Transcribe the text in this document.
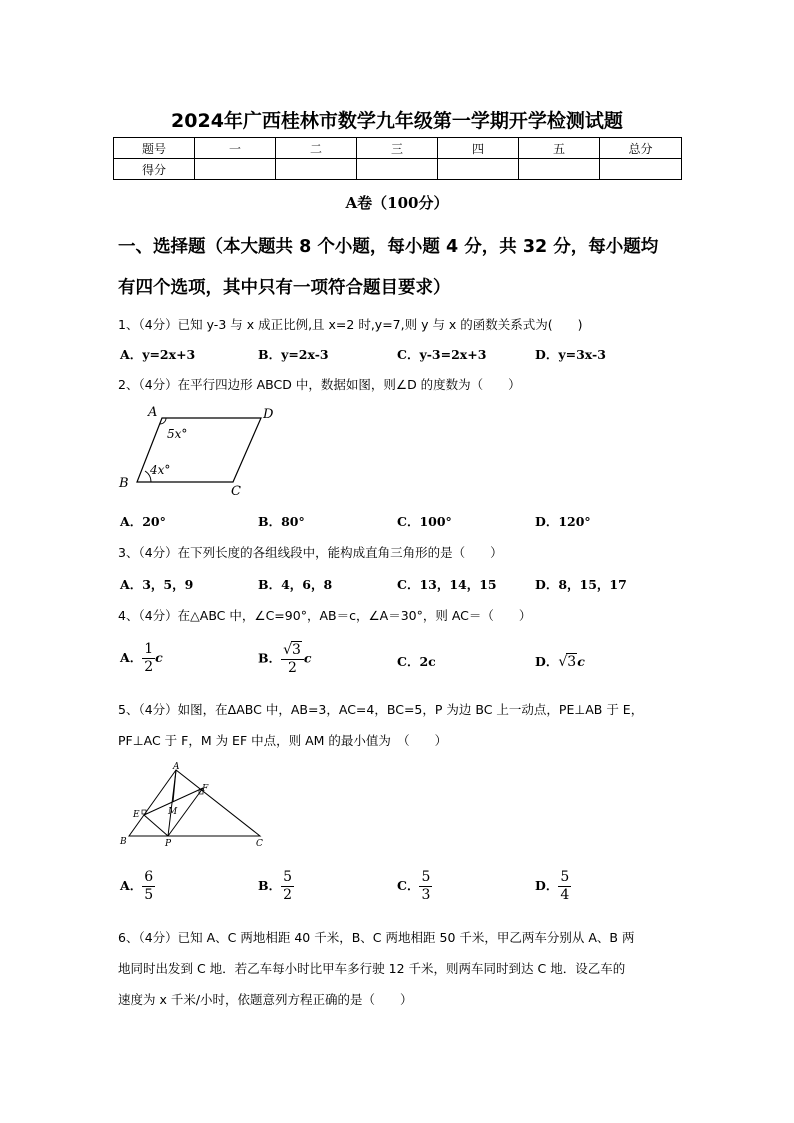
2024年广西桂林市数学九年级第一学期开学检测试题
题号	一	二	三	四	五	总分
得分						
A卷（100分）
一、选择题（本大题共 8 个小题，每小题 4 分，共 32 分，每小题均
有四个选项，其中只有一项符合题目要求）
1、（4分）已知 y-3 与 x 成正比例,且 x=2 时,y=7,则 y 与 x 的函数关系式为(　　)
A．y=2x+3	B．y=2x-3	C．y-3=2x+3	D．y=3x-3
2、（4分）在平行四边形 ABCD 中，数据如图，则∠D 的度数为（　　）
A	D
B
C
5x°
4x°
A．20°	B．80°	C．100°	D．120°
3、（4分）在下列长度的各组线段中，能构成直角三角形的是（　　）
A．3，5，9	B．4，6，8	C．13，14，15	D．8，15，17
4、（4分）在△ABC 中，∠C=90°，AB＝c，∠A＝30°，则 AC＝（　　）
A． $\frac{1}{2}$ c	B． $\frac{√3}{2}$ c	C．2c	D．√3c
5、（4分）如图，在ΔABC 中，AB=3，AC=4，BC=5，P 为边 BC 上一动点，PE⊥AB 于 E，
PF⊥AC 于 F，M 为 EF 中点，则 AM 的最小值为　（　　）
A
B	C
E
F
M
P
A． $\frac{6}{5}$	B． $\frac{5}{2}$	C． $\frac{5}{3}$	D． $\frac{5}{4}$
6、（4分）已知 A、C 两地相距 40 千米，B、C 两地相距 50 千米，甲乙两车分别从 A、B 两
地同时出发到 C 地．若乙车每小时比甲车多行驶 12 千米，则两车同时到达 C 地．设乙车的
速度为 x 千米/小时，依题意列方程正确的是（　　）
